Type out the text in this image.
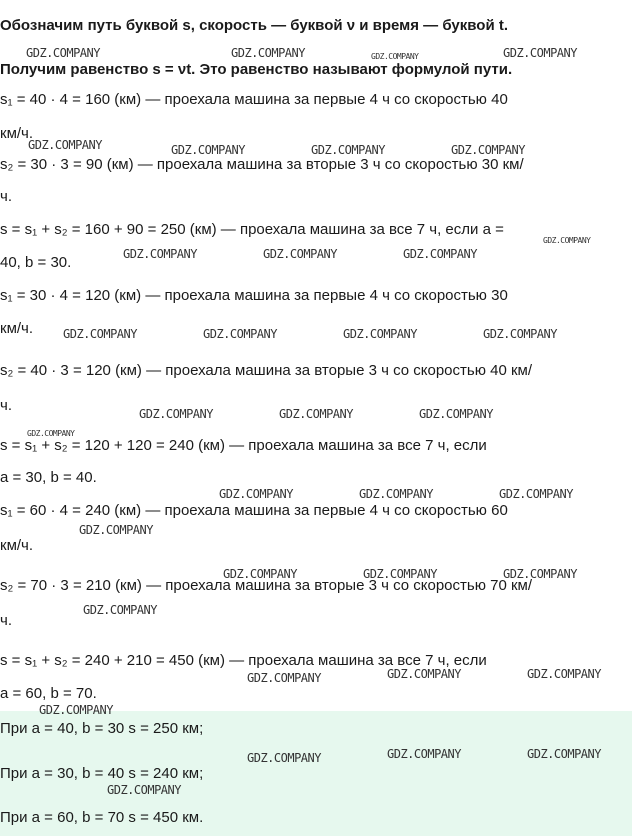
Обозначим путь буквой s, скорость — буквой ν и время — буквой t.
Получим равенство s = νt. Это равенство называют формулой пути.
s₁ = 40 · 4 = 160 (км) — проехала машина за первые 4 ч со скоростью 40
км/ч.
s₂ = 30 · 3 = 90 (км) — проехала машина за вторые 3 ч со скоростью 30 км/
ч.
s = s₁ + s₂ = 160 + 90 = 250 (км) — проехала машина за все 7 ч, если a =
40, b = 30.
s₁ = 30 · 4 = 120 (км) — проехала машина за первые 4 ч со скоростью 30
км/ч.
s₂ = 40 · 3 = 120 (км) — проехала машина за вторые 3 ч со скоростью 40 км/
ч.
s = s₁ + s₂ = 120 + 120 = 240 (км) — проехала машина за все 7 ч, если
a = 30, b = 40.
s₁ = 60 · 4 = 240 (км) — проехала машина за первые 4 ч со скоростью 60
км/ч.
s₂ = 70 · 3 = 210 (км) — проехала машина за вторые 3 ч со скоростью 70 км/
ч.
s = s₁ + s₂ = 240 + 210 = 450 (км) — проехала машина за все 7 ч, если
a = 60, b = 70.
При a = 40, b = 30 s = 250 км;
При a = 30, b = 40 s = 240 км;
При a = 60, b = 70 s = 450 км.
GDZ.COMPANY	GDZ.COMPANY	GDZ.COMPANY	GDZ.COMPANY
GDZ.COMPANY	GDZ.COMPANY	GDZ.COMPANY	GDZ.COMPANY
GDZ.COMPANY
GDZ.COMPANY	GDZ.COMPANY	GDZ.COMPANY
GDZ.COMPANY	GDZ.COMPANY	GDZ.COMPANY	GDZ.COMPANY
GDZ.COMPANY	GDZ.COMPANY	GDZ.COMPANY
GDZ.COMPANY
GDZ.COMPANY	GDZ.COMPANY	GDZ.COMPANY
GDZ.COMPANY
GDZ.COMPANY	GDZ.COMPANY	GDZ.COMPANY
GDZ.COMPANY
GDZ.COMPANY	GDZ.COMPANY	GDZ.COMPANY
GDZ.COMPANY
GDZ.COMPANY	GDZ.COMPANY	GDZ.COMPANY
GDZ.COMPANY
